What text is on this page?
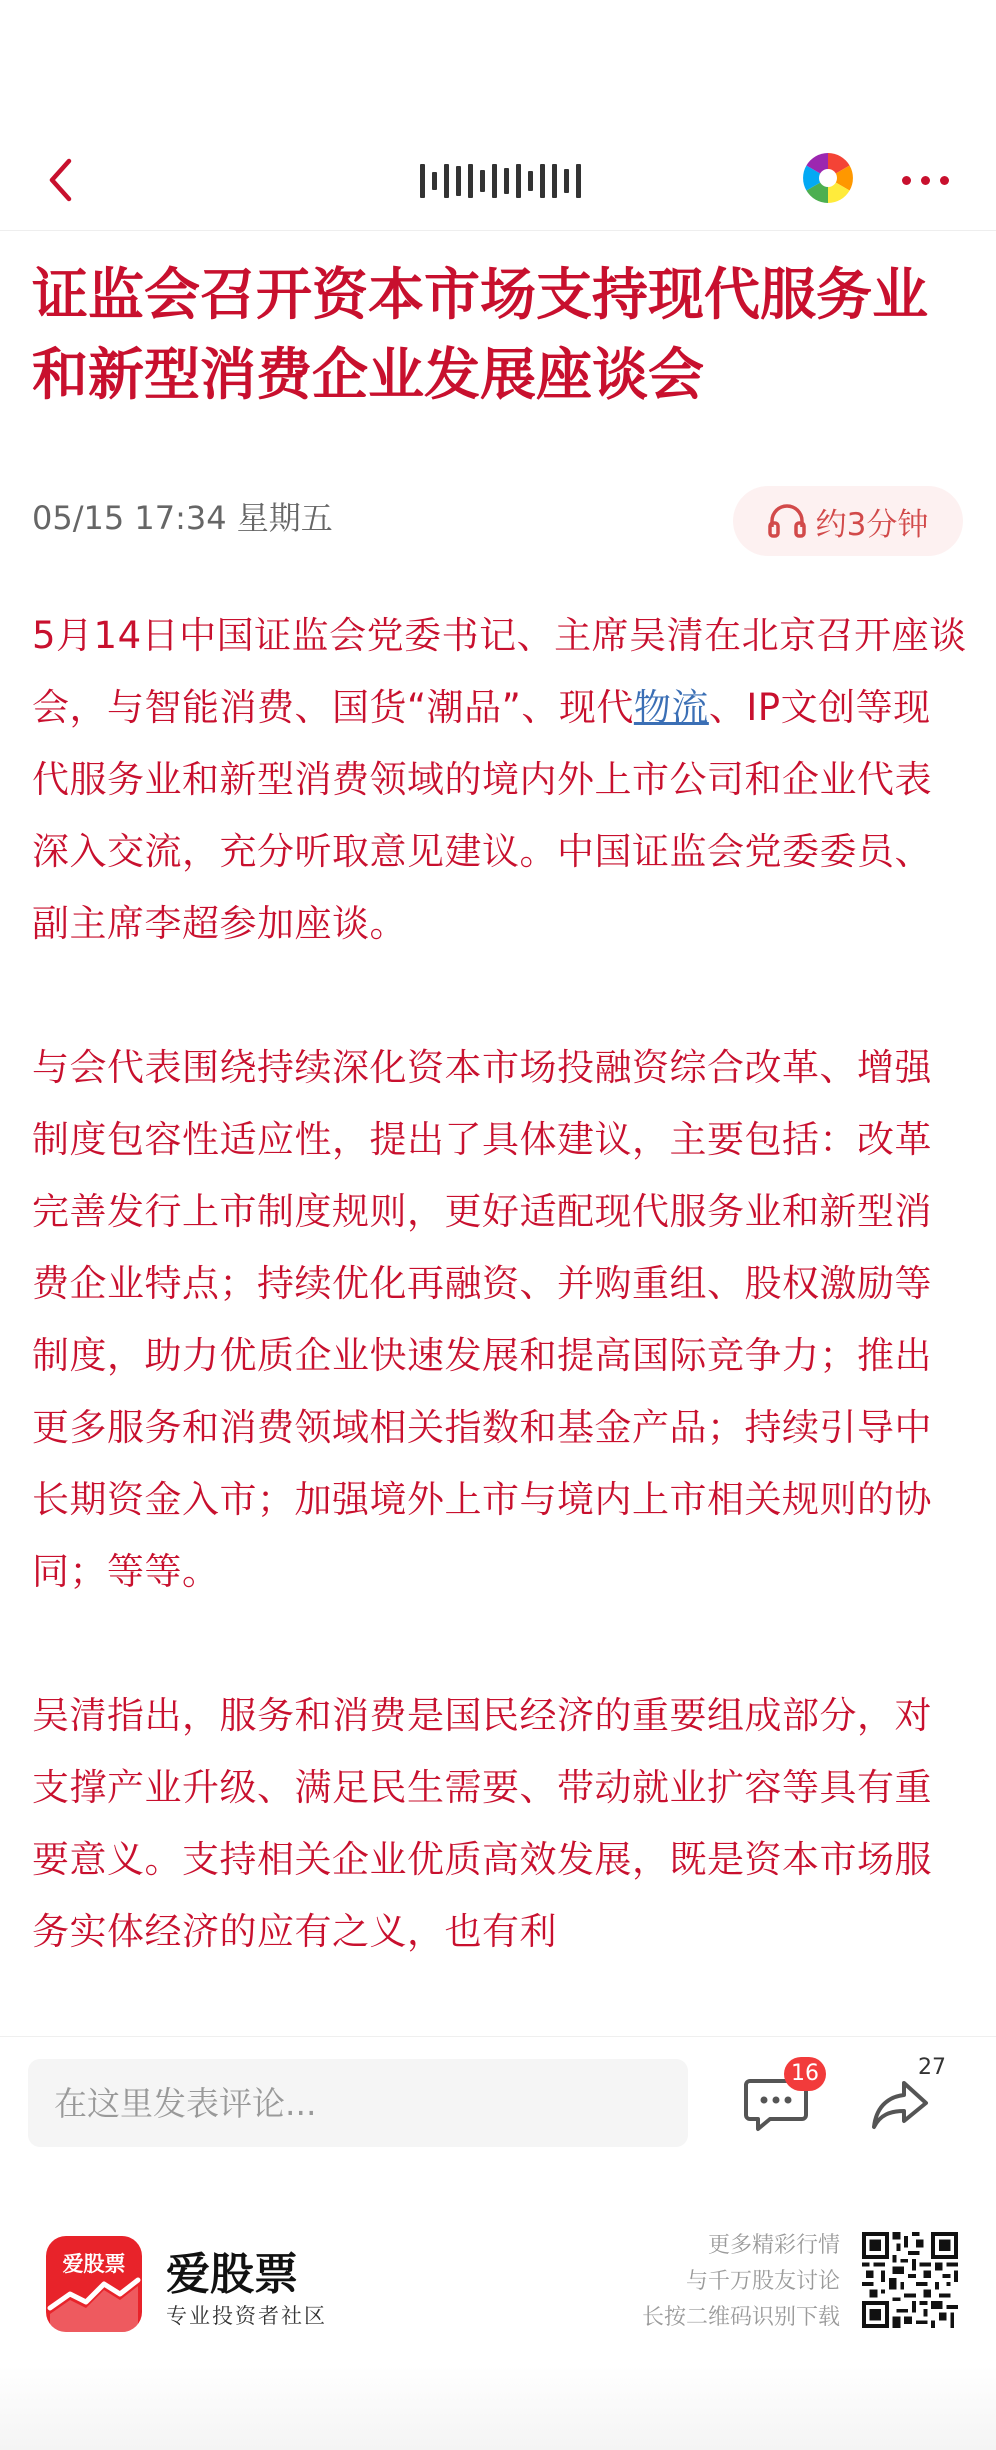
证监会召开资本市场支持现代服务业和新型消费企业发展座谈会
05/15 17:34 星期五	约3分钟

5月14日中国证监会党委书记、主席吴清在北京召开座谈会，与智能消费、国货“潮品”、现代物流、IP文创等现代服务业和新型消费领域的境内外上市公司和企业代表深入交流，充分听取意见建议。中国证监会党委委员、副主席李超参加座谈。

与会代表围绕持续深化资本市场投融资综合改革、增强制度包容性适应性，提出了具体建议，主要包括：改革完善发行上市制度规则，更好适配现代服务业和新型消费企业特点；持续优化再融资、并购重组、股权激励等制度，助力优质企业快速发展和提高国际竞争力；推出更多服务和消费领域相关指数和基金产品；持续引导中长期资金入市；加强境外上市与境内上市相关规则的协同；等等。

吴清指出，服务和消费是国民经济的重要组成部分，对支撑产业升级、满足民生需要、带动就业扩容等具有重要意义。支持相关企业优质高效发展，既是资本市场服务实体经济的应有之义，也有利

在这里发表评论...
16	27
爱股票 爱股票
专业投资者社区
更多精彩行情
与千万股友讨论
长按二维码识别下载
